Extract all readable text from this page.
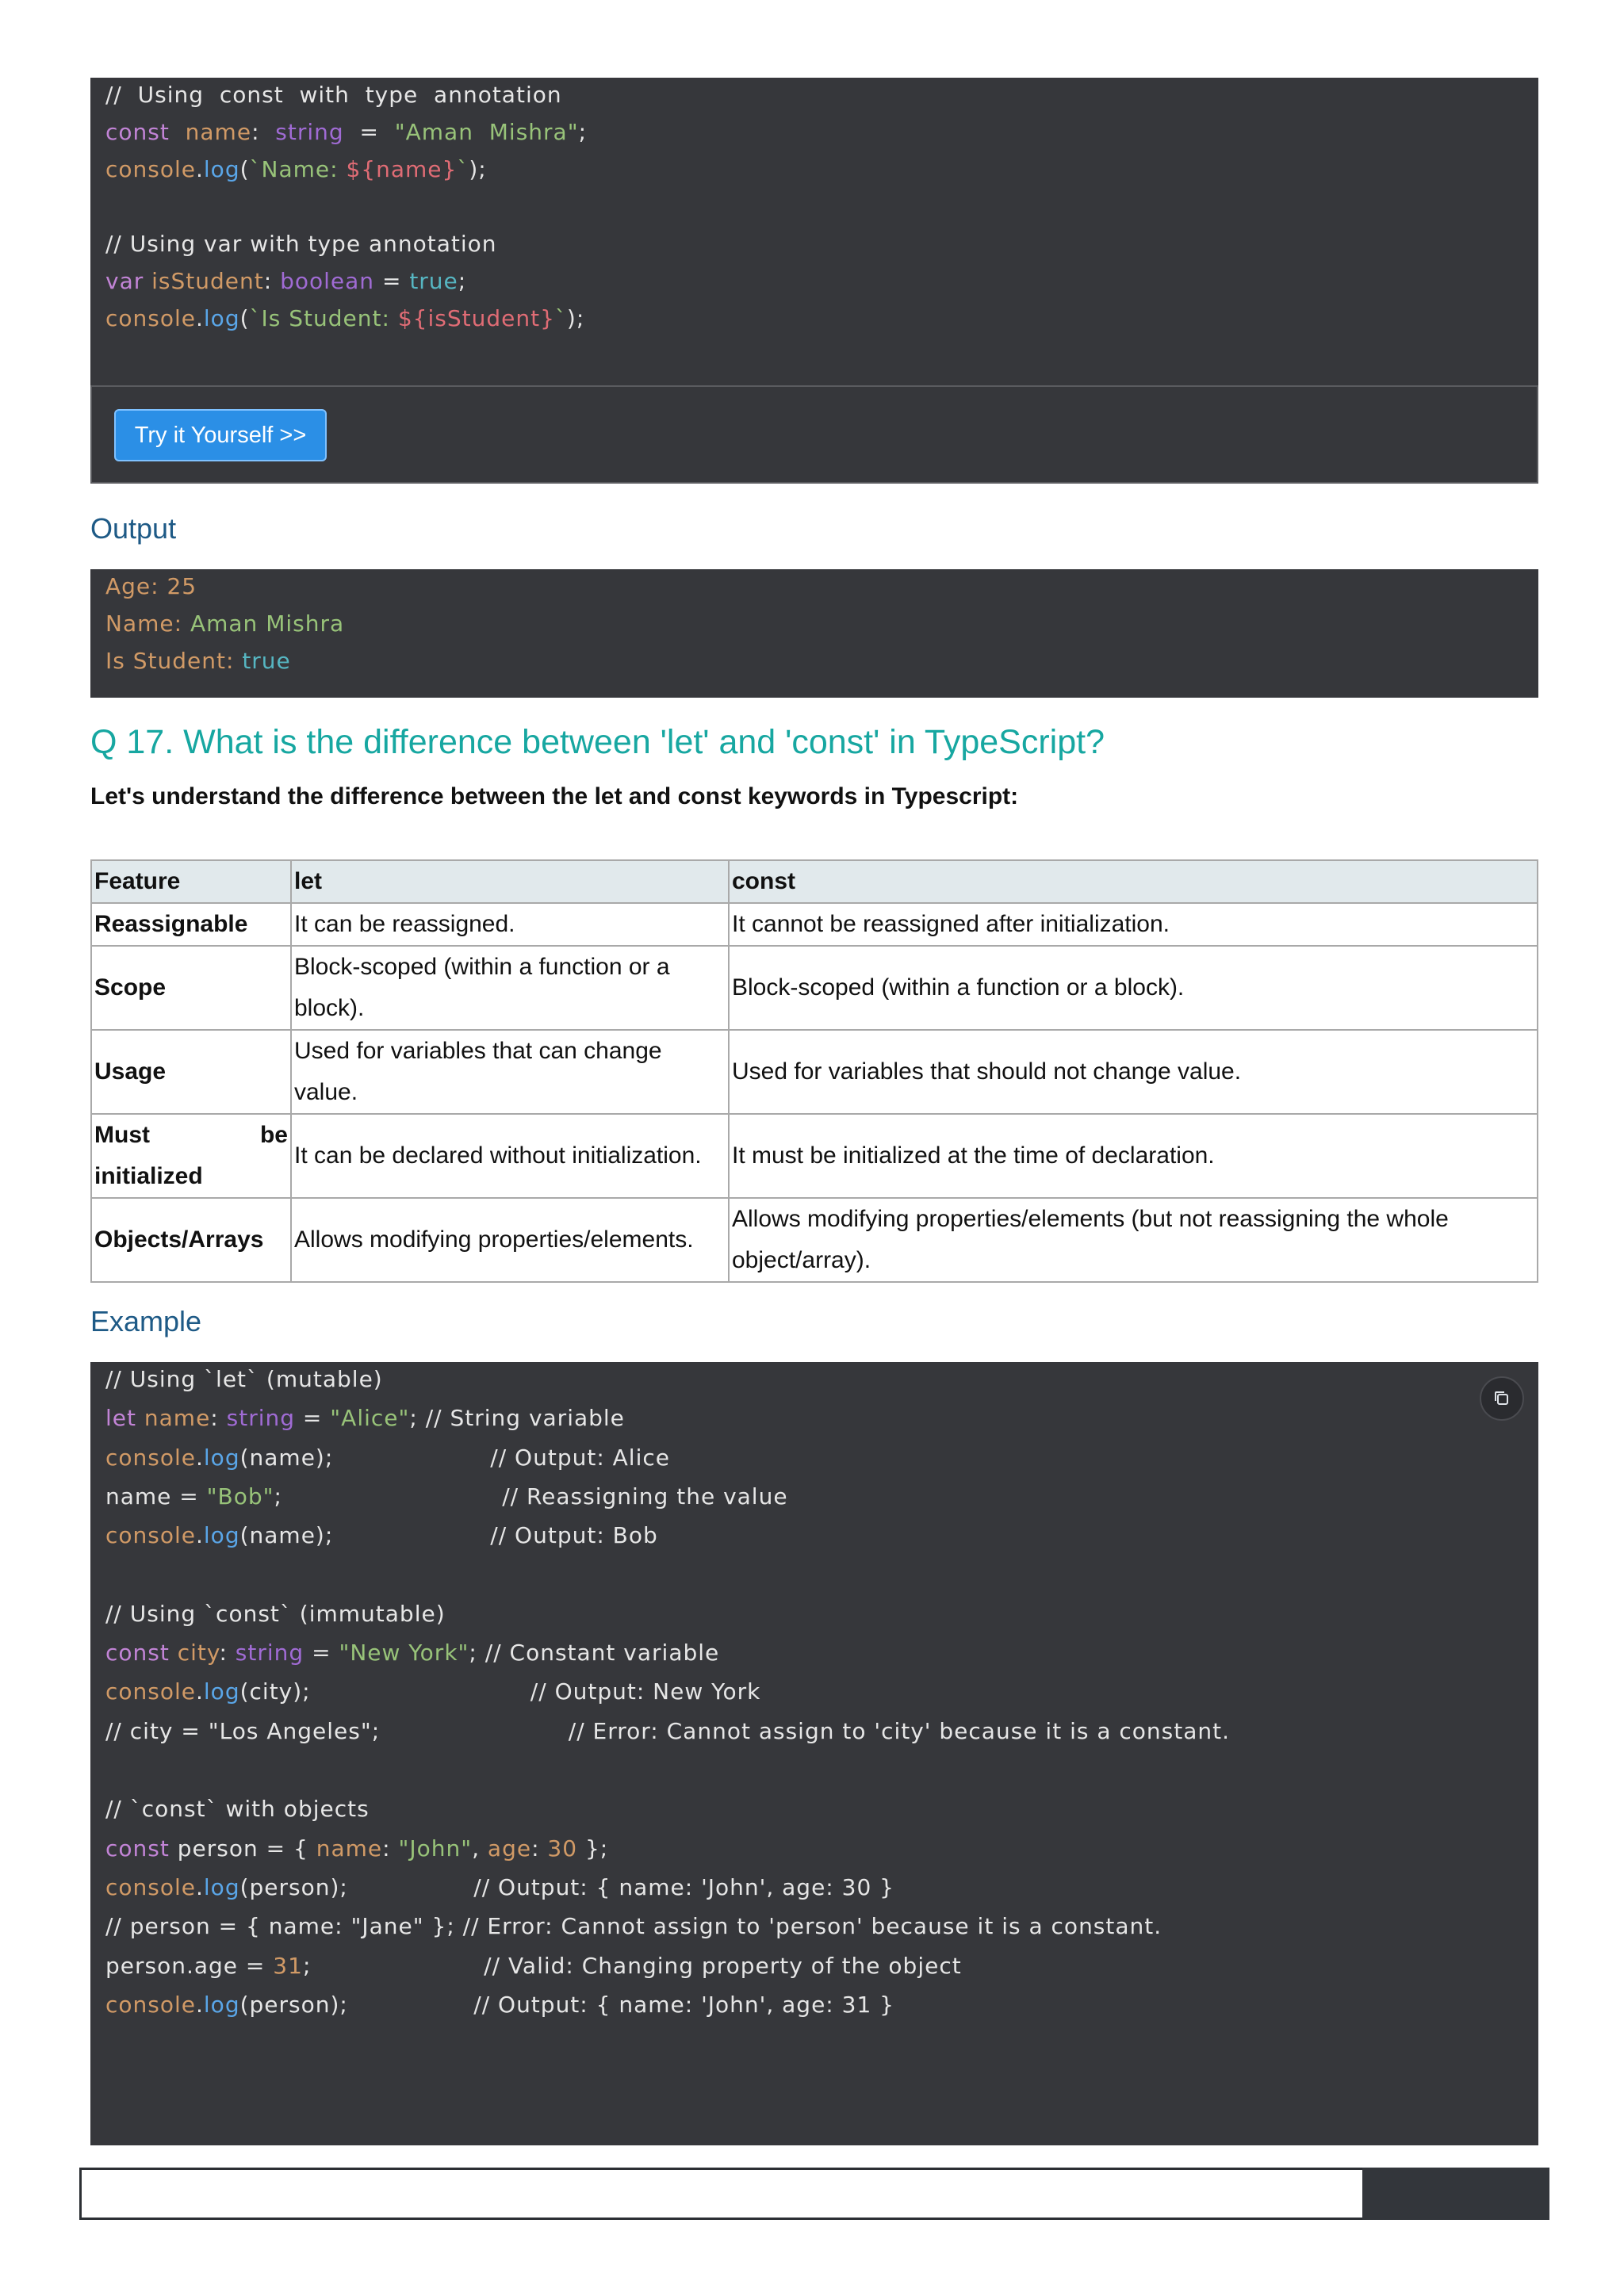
//  Using  const  with  type  annotation
const name:  string  =  "Aman  Mishra";
console.log(`Name: ${name}`);
// Using var with type annotation
var isStudent: boolean = true;
console.log(`Is Student: ${isStudent}`);
Try it Yourself >>
Output
Age: 25
Name: Aman Mishra
Is Student: true
Q 17. What is the difference between 'let' and 'const' in TypeScript?
Let's understand the difference between the let and const keywords in Typescript:
Feature	let	const
Reassignable	It can be reassigned.	It cannot be reassigned after initialization.
Scope	Block-scoped (within a function or a block).	Block-scoped (within a function or a block).
Usage	Used for variables that can change value.	Used for variables that should not change value.
Must be initialized	It can be declared without initialization.	It must be initialized at the time of declaration.
Objects/Arrays	Allows modifying properties/elements.	Allows modifying properties/elements (but not reassigning the whole object/array).
Example
// Using `let` (mutable)
let name: string = "Alice"; // String variable
console.log(name);                    // Output: Alice
name = "Bob";                            // Reassigning the value
console.log(name);                    // Output: Bob
// Using `const` (immutable)
const city: string = "New York"; // Constant variable
console.log(city);                            // Output: New York
// city = "Los Angeles";                        // Error: Cannot assign to 'city' because it is a constant.
// `const` with objects
const person = { name: "John", age: 30 };
console.log(person);                // Output: { name: 'John', age: 30 }
// person = { name: "Jane" }; // Error: Cannot assign to 'person' because it is a constant.
person.age = 31;                      // Valid: Changing property of the object
console.log(person);                // Output: { name: 'John', age: 31 }
